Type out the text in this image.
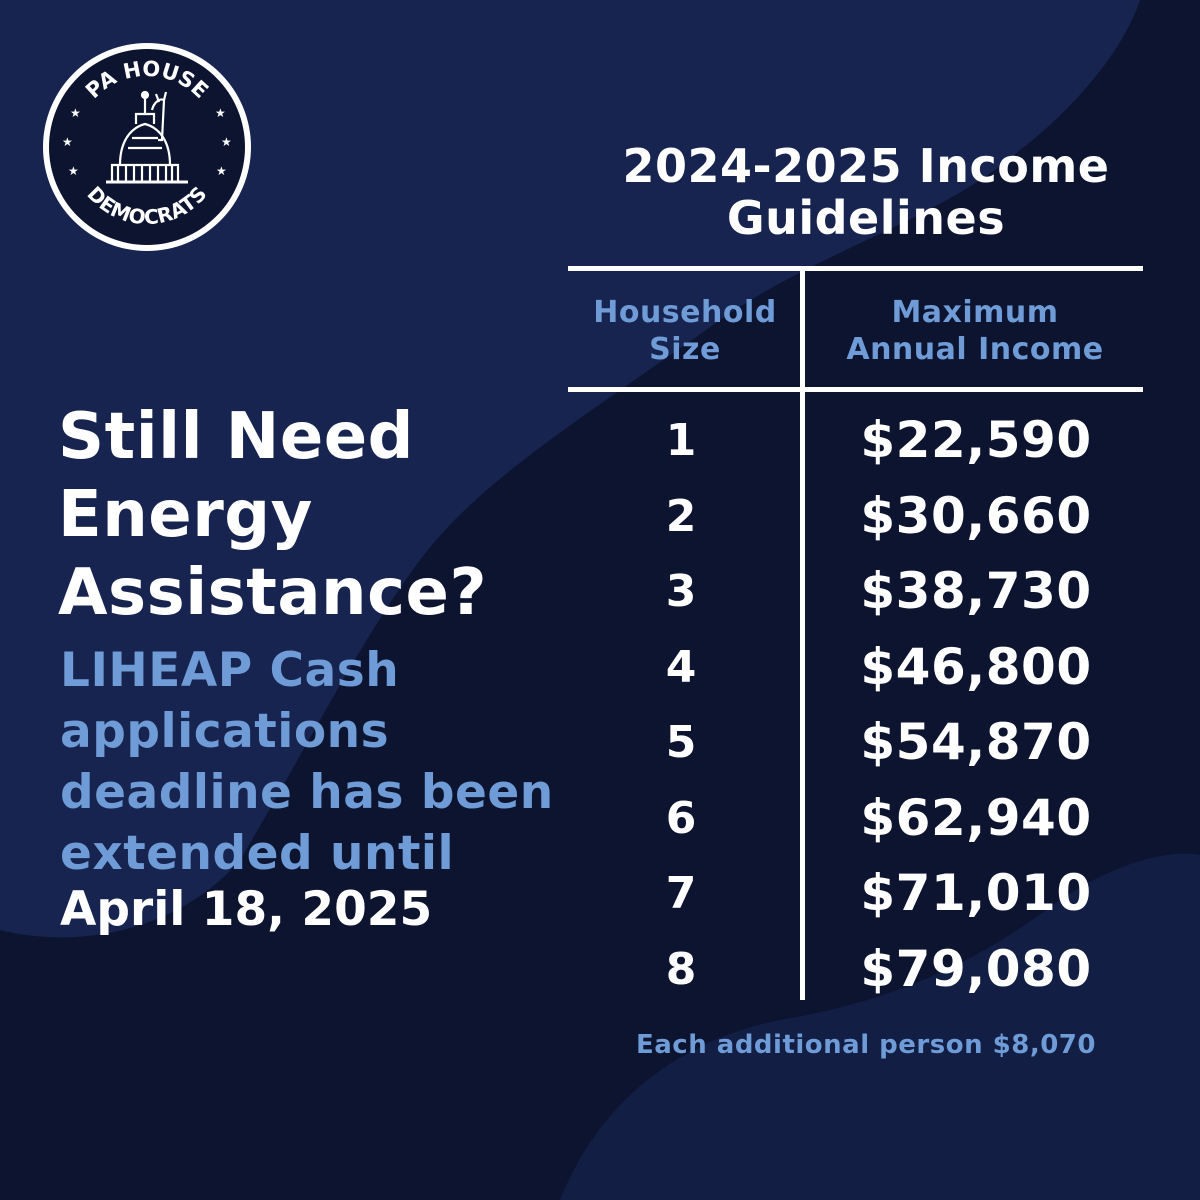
PA HOUSE
DEMOCRATS
★
★
★
★
★
★
Still Need
Energy
Assistance?
LIHEAP Cash
applications
deadline has been
extended until
April 18, 2025
2024-2025 Income
Guidelines
Household
Size
Maximum
Annual Income
1	$22,590
2	$30,660
3	$38,730
4	$46,800
5	$54,870
6	$62,940
7	$71,010
8	$79,080
Each additional person $8,070
